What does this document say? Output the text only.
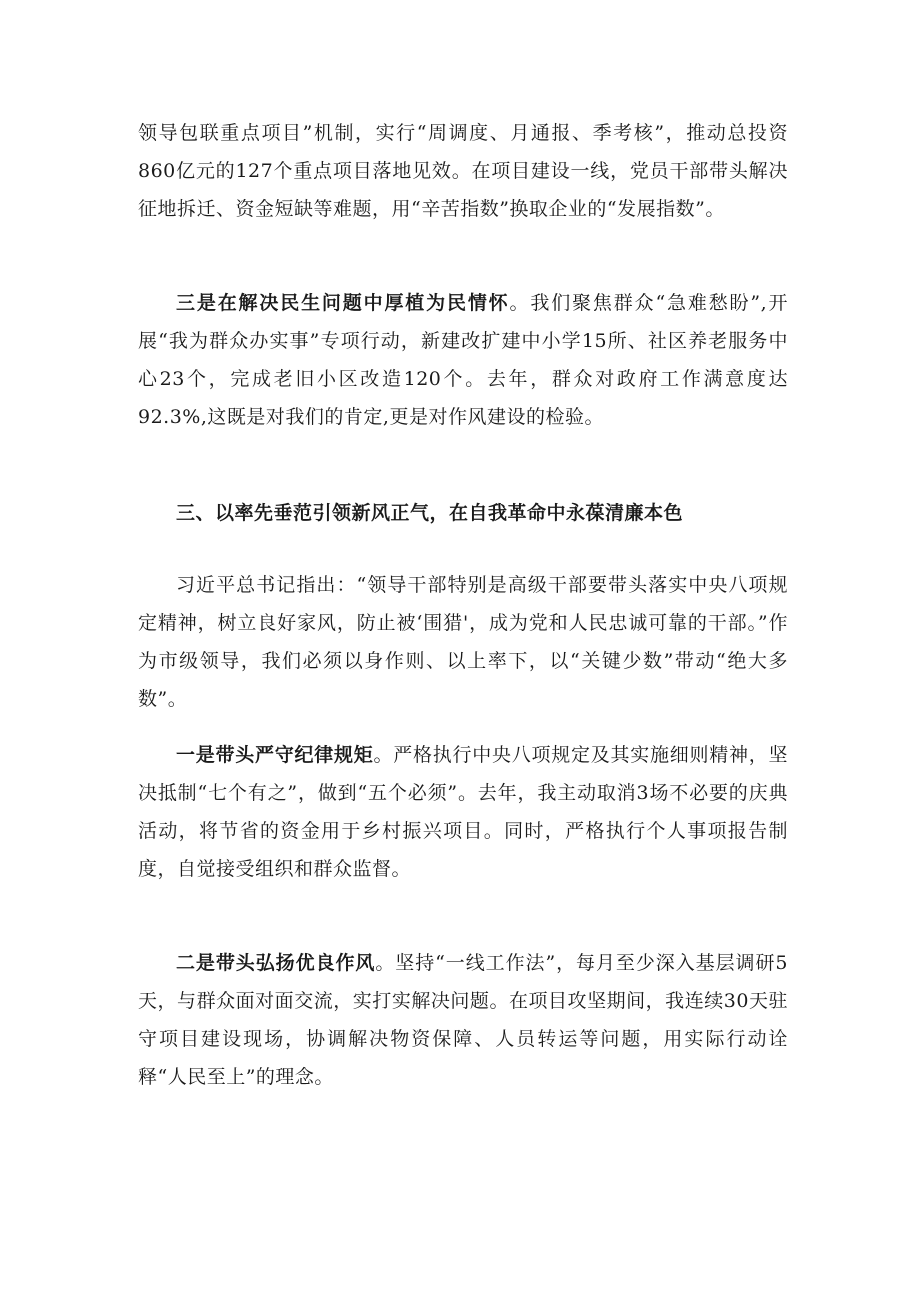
领导包联重点项目”机制，实行“周调度、月通报、季考核”，推动总投资860亿元的127个重点项目落地见效。在项目建设一线，党员干部带头解决征地拆迁、资金短缺等难题，用“辛苦指数”换取企业的“发展指数”。

三是在解决民生问题中厚植为民情怀。我们聚焦群众“急难愁盼”,开展“我为群众办实事”专项行动，新建改扩建中小学15所、社区养老服务中心23个，完成老旧小区改造120个。去年，群众对政府工作满意度达92.3%,这既是对我们的肯定,更是对作风建设的检验。

三、以率先垂范引领新风正气，在自我革命中永葆清廉本色

习近平总书记指出：“领导干部特别是高级干部要带头落实中央八项规定精神，树立良好家风，防止被‘围猎'，成为党和人民忠诚可靠的干部。”作为市级领导，我们必须以身作则、以上率下，以“关键少数”带动“绝大多数”。

一是带头严守纪律规矩。严格执行中央八项规定及其实施细则精神，坚决抵制“七个有之”，做到“五个必须”。去年，我主动取消3场不必要的庆典活动，将节省的资金用于乡村振兴项目。同时，严格执行个人事项报告制度，自觉接受组织和群众监督。

二是带头弘扬优良作风。坚持“一线工作法”，每月至少深入基层调研5天，与群众面对面交流，实打实解决问题。在项目攻坚期间，我连续30天驻守项目建设现场，协调解决物资保障、人员转运等问题，用实际行动诠释“人民至上”的理念。
